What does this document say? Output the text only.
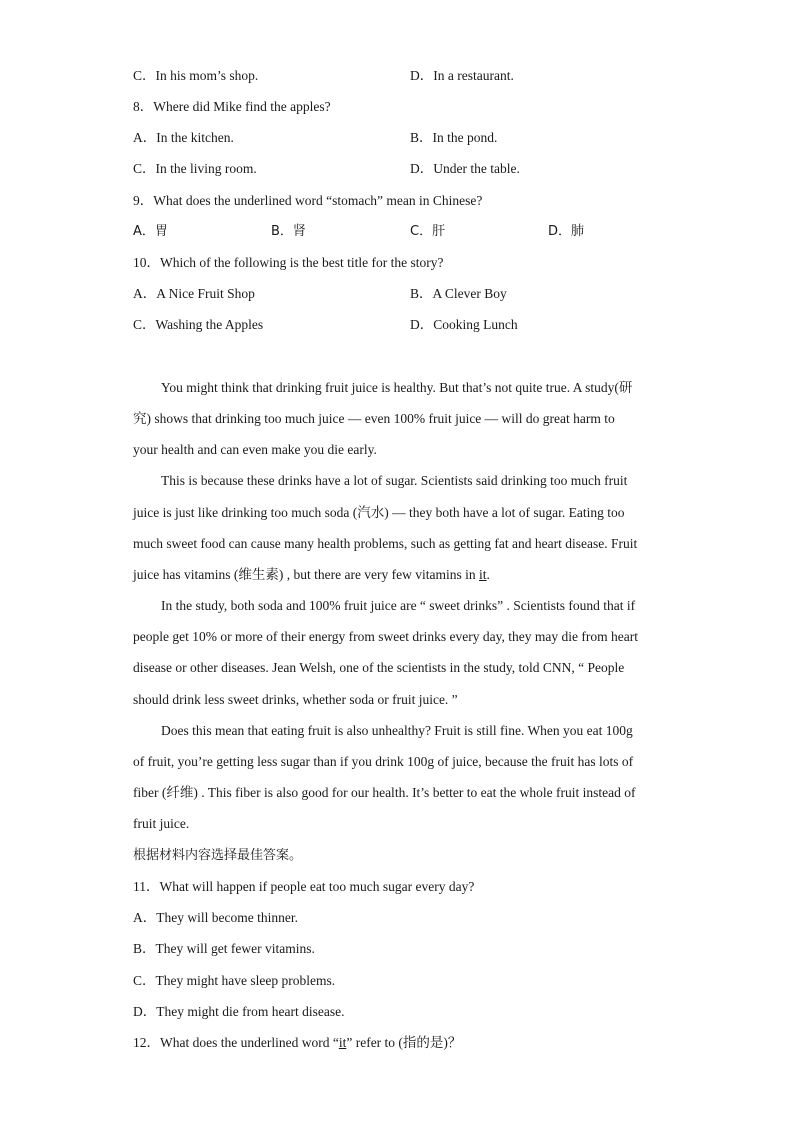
C．In his mom’s shop.	D．In a restaurant.
8．Where did Mike find the apples?
A．In the kitchen.	B．In the pond.
C．In the living room.	D．Under the table.
9．What does the underlined word “stomach” mean in Chinese?
A．胃	B．肾	C．肝	D．肺
10．Which of the following is the best title for the story?
A．A Nice Fruit Shop	B．A Clever Boy
C．Washing the Apples	D．Cooking Lunch
You might think that drinking fruit juice is healthy. But that’s not quite true. A study(研
究) shows that drinking too much juice — even 100% fruit juice — will do great harm to
your health and can even make you die early.
This is because these drinks have a lot of sugar. Scientists said drinking too much fruit
juice is just like drinking too much soda (汽水) — they both have a lot of sugar. Eating too
much sweet food can cause many health problems, such as getting fat and heart disease. Fruit
juice has vitamins (维生素) , but there are very few vitamins in it.
In the study, both soda and 100% fruit juice are “ sweet drinks” . Scientists found that if
people get 10% or more of their energy from sweet drinks every day, they may die from heart
disease or other diseases. Jean Welsh, one of the scientists in the study, told CNN, “ People
should drink less sweet drinks, whether soda or fruit juice. ”
Does this mean that eating fruit is also unhealthy? Fruit is still fine. When you eat 100g
of fruit, you’re getting less sugar than if you drink 100g of juice, because the fruit has lots of
fiber (纤维) . This fiber is also good for our health. It’s better to eat the whole fruit instead of
fruit juice.
根据材料内容选择最佳答案。
11．What will happen if people eat too much sugar every day?
A．They will become thinner.
B．They will get fewer vitamins.
C．They might have sleep problems.
D．They might die from heart disease.
12．What does the underlined word “it” refer to (指的是)？
